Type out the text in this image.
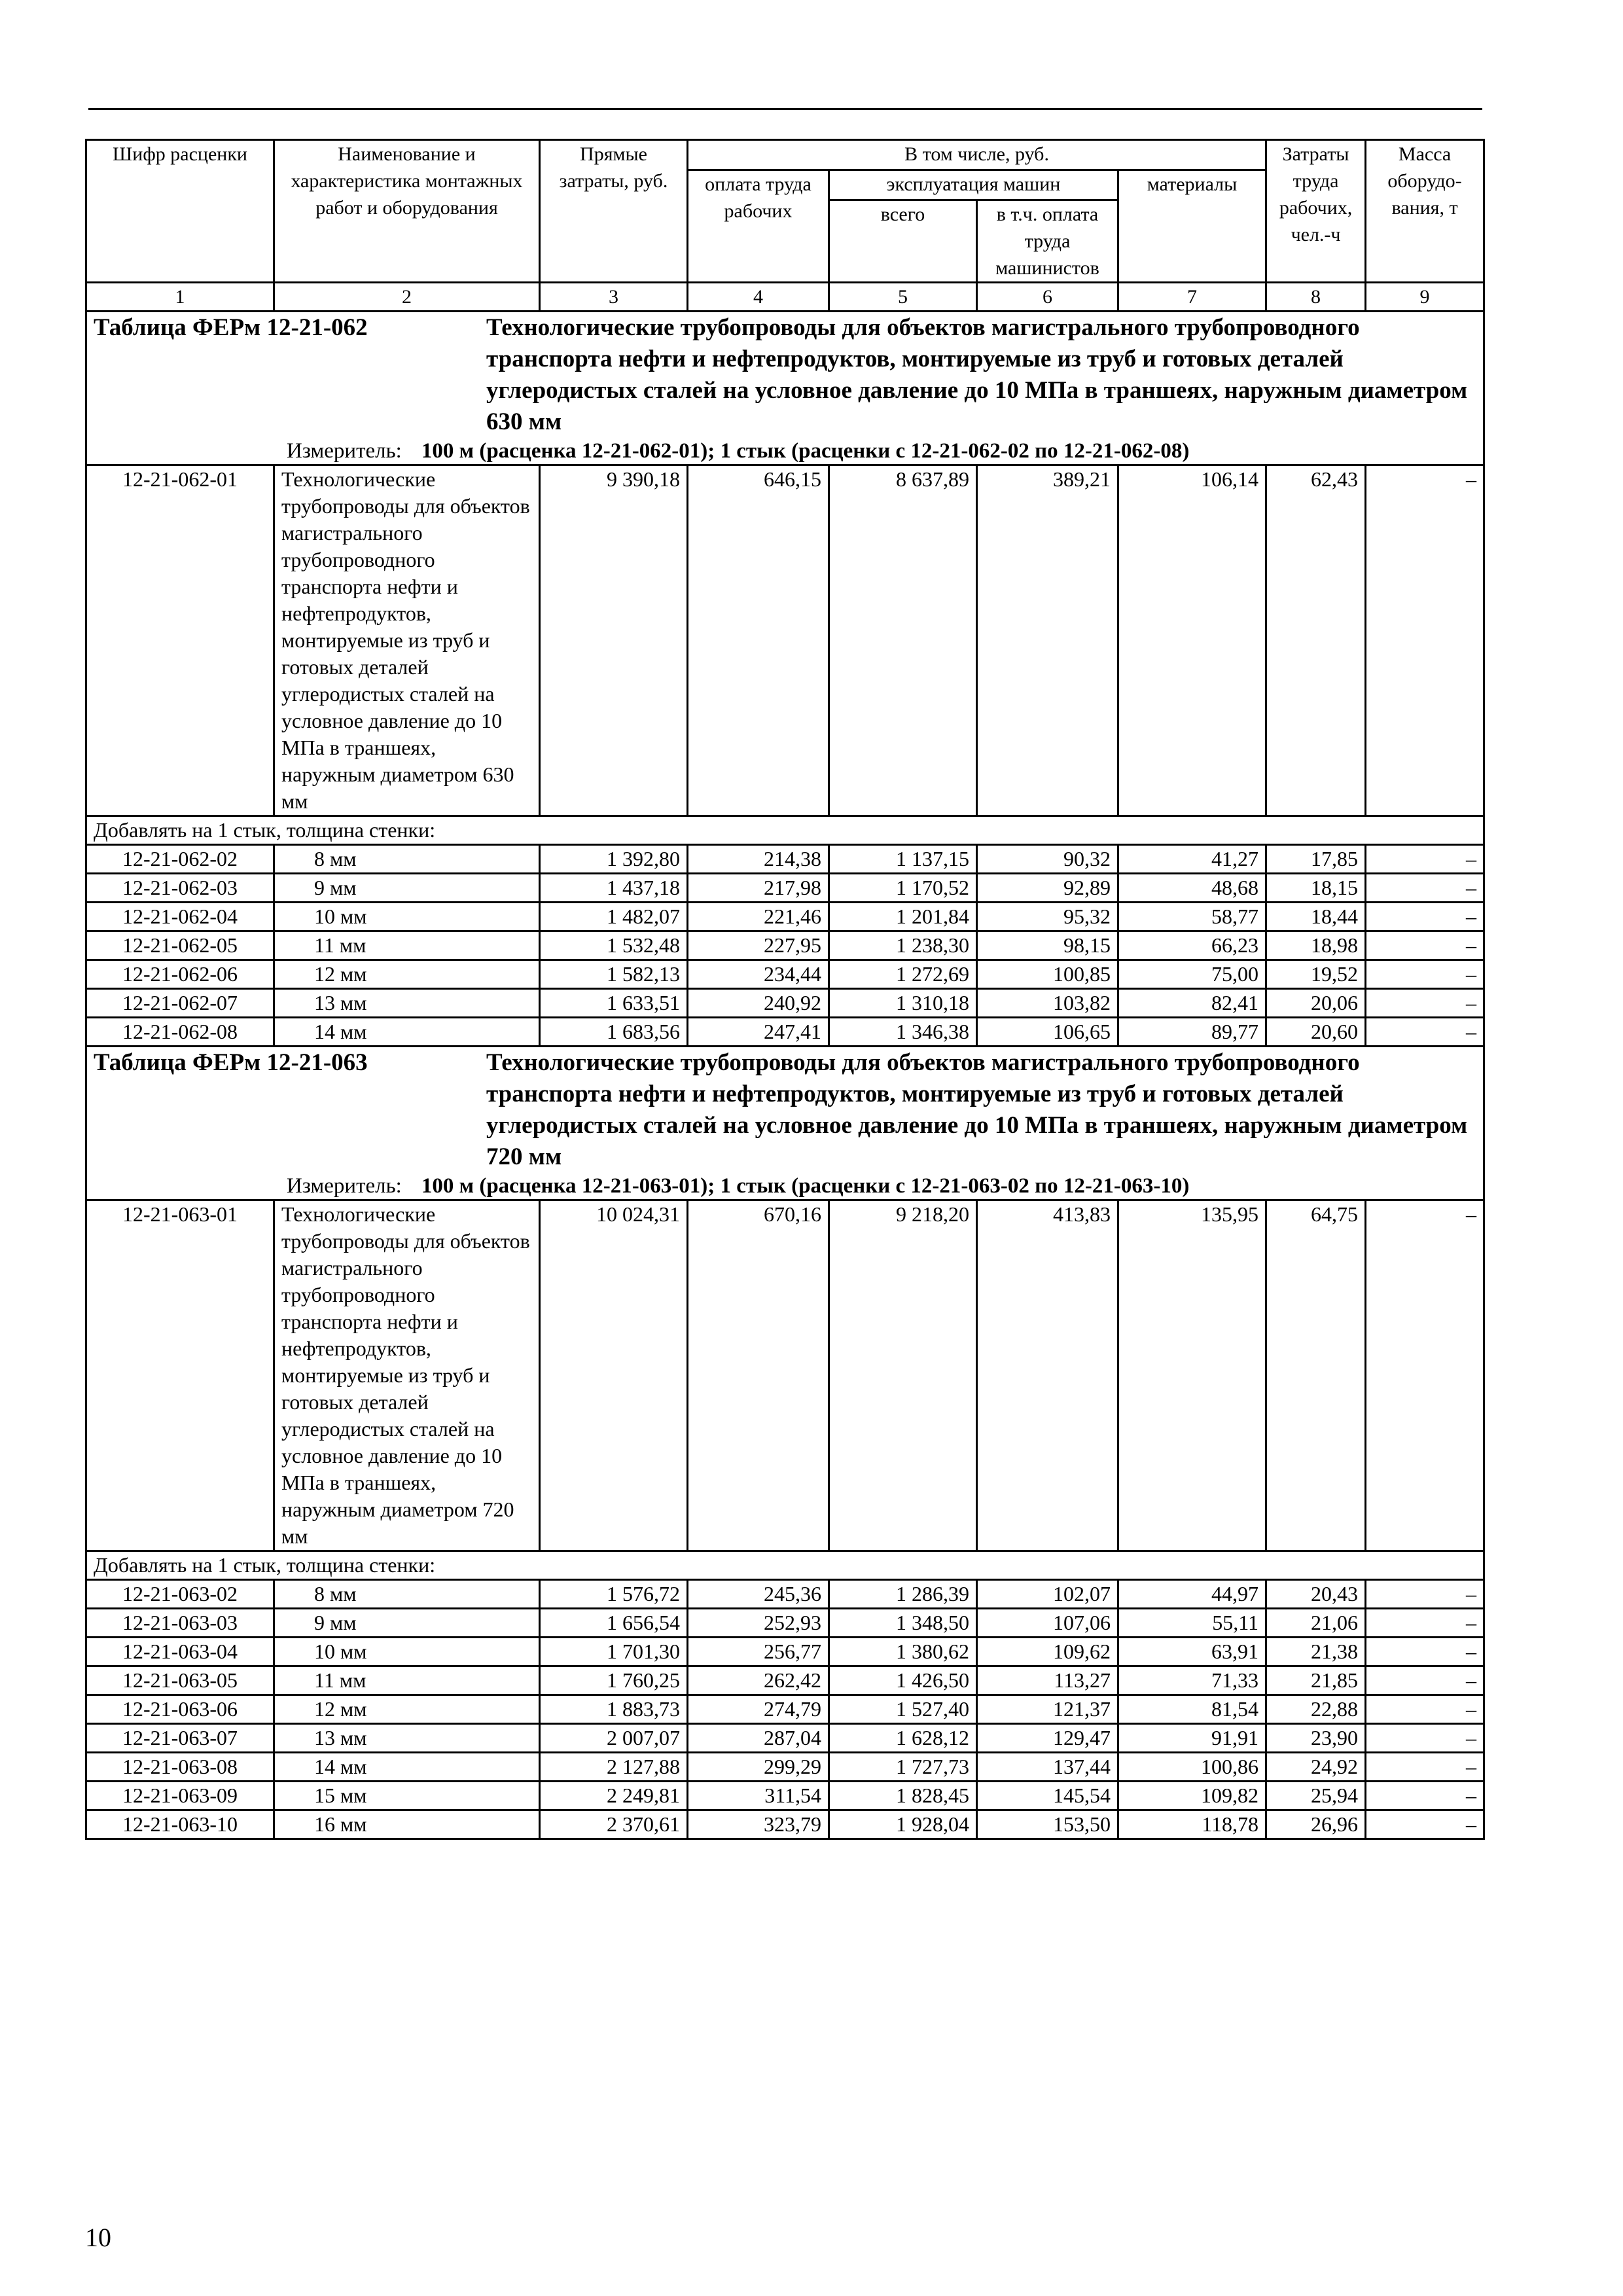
Шифр расценки	Наименование и характеристика монтажных работ и оборудования	Прямые затраты, руб.	В том числе, руб.				Затраты труда рабочих, чел.-ч	Масса оборудо-вания, т
			оплата труда рабочих	эксплуатация машин		материалы		
				всего	в т.ч. оплата труда машинистов			
1	2	3	4	5	6	7	8	9

Таблица ФЕРм 12-21-062 Технологические трубопроводы для объектов магистрального трубопроводного транспорта нефти и нефтепродуктов, монтируемые из труб и готовых деталей углеродистых сталей на условное давление до 10 МПа в траншеях, наружным диаметром 630 мм
Измеритель: 100 м (расценка 12-21-062-01); 1 стык (расценки с 12-21-062-02 по 12-21-062-08)								

12-21-062-01	Технологические трубопроводы для объектов магистрального трубопроводного транспорта нефти и нефтепродуктов, монтируемые из труб и готовых деталей углеродистых сталей на условное давление до 10 МПа в траншеях, наружным диаметром 630 мм	9 390,18	646,15	8 637,89	389,21	106,14	62,43	–
Добавлять на 1 стык, толщина стенки:								
12-21-062-02	8 мм	1 392,80	214,38	1 137,15	90,32	41,27	17,85	–
12-21-062-03	9 мм	1 437,18	217,98	1 170,52	92,89	48,68	18,15	–
12-21-062-04	10 мм	1 482,07	221,46	1 201,84	95,32	58,77	18,44	–
12-21-062-05	11 мм	1 532,48	227,95	1 238,30	98,15	66,23	18,98	–
12-21-062-06	12 мм	1 582,13	234,44	1 272,69	100,85	75,00	19,52	–
12-21-062-07	13 мм	1 633,51	240,92	1 310,18	103,82	82,41	20,06	–
12-21-062-08	14 мм	1 683,56	247,41	1 346,38	106,65	89,77	20,60	–

Таблица ФЕРм 12-21-063 Технологические трубопроводы для объектов магистрального трубопроводного транспорта нефти и нефтепродуктов, монтируемые из труб и готовых деталей углеродистых сталей на условное давление до 10 МПа в траншеях, наружным диаметром 720 мм
Измеритель: 100 м (расценка 12-21-063-01); 1 стык (расценки с 12-21-063-02 по 12-21-063-10)								

12-21-063-01	Технологические трубопроводы для объектов магистрального трубопроводного транспорта нефти и нефтепродуктов, монтируемые из труб и готовых деталей углеродистых сталей на условное давление до 10 МПа в траншеях, наружным диаметром 720 мм	10 024,31	670,16	9 218,20	413,83	135,95	64,75	–
Добавлять на 1 стык, толщина стенки:								
12-21-063-02	8 мм	1 576,72	245,36	1 286,39	102,07	44,97	20,43	–
12-21-063-03	9 мм	1 656,54	252,93	1 348,50	107,06	55,11	21,06	–
12-21-063-04	10 мм	1 701,30	256,77	1 380,62	109,62	63,91	21,38	–
12-21-063-05	11 мм	1 760,25	262,42	1 426,50	113,27	71,33	21,85	–
12-21-063-06	12 мм	1 883,73	274,79	1 527,40	121,37	81,54	22,88	–
12-21-063-07	13 мм	2 007,07	287,04	1 628,12	129,47	91,91	23,90	–
12-21-063-08	14 мм	2 127,88	299,29	1 727,73	137,44	100,86	24,92	–
12-21-063-09	15 мм	2 249,81	311,54	1 828,45	145,54	109,82	25,94	–
12-21-063-10	16 мм	2 370,61	323,79	1 928,04	153,50	118,78	26,96	–
10
